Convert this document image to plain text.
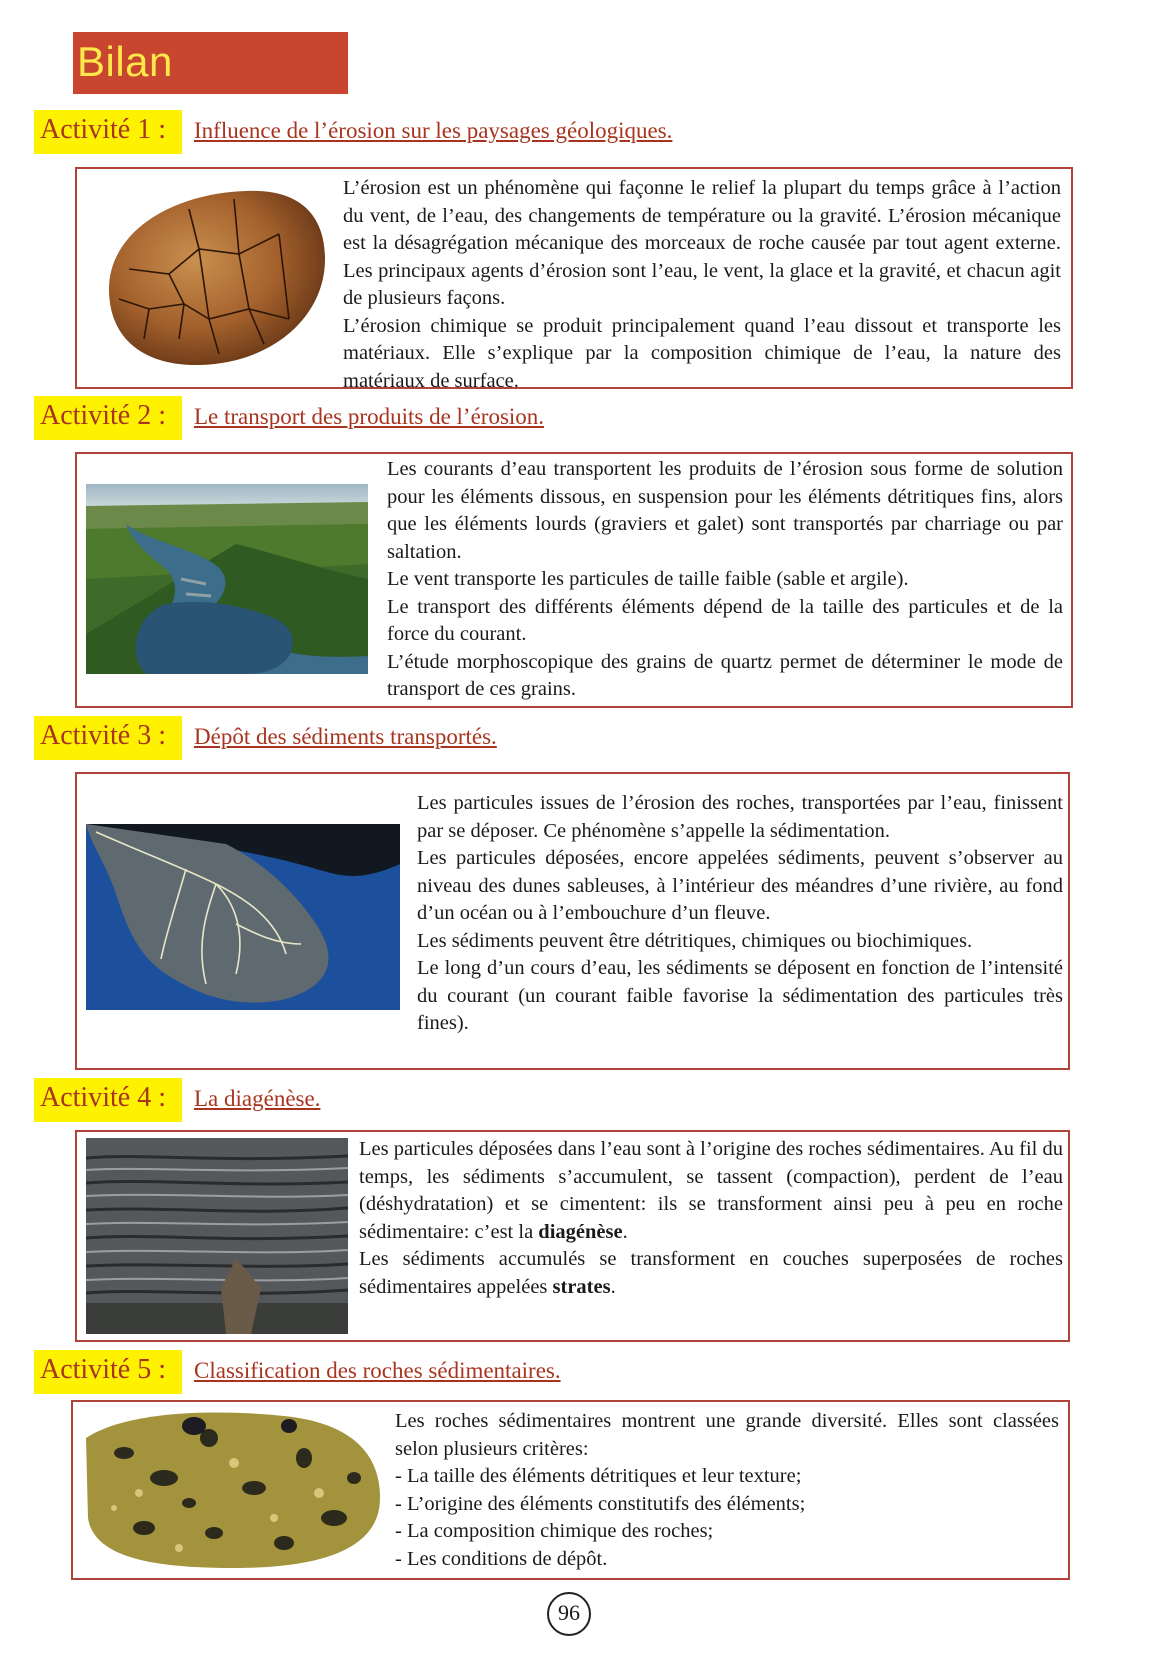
Bilan
Activité 1 :	Influence de l’érosion sur les paysages géologiques.

L’érosion est un phénomène qui façonne le relief la plupart du temps grâce à l’action du vent, de l’eau, des changements de température ou la gravité. L’érosion mécanique est la désagrégation mécanique des morceaux de roche causée par tout agent externe. Les principaux agents d’érosion sont l’eau, le vent, la glace et la gravité, et chacun agit de plusieurs façons.

L’érosion chimique se produit principalement quand l’eau dissout et transporte les matériaux. Elle s’explique par la composition chimique de l’eau, la nature des matériaux de surface.

Activité 2 :	Le transport des produits de l’érosion.

Les courants d’eau transportent les produits de l’érosion sous forme de solution pour les éléments dissous, en suspension pour les éléments détritiques fins, alors que les éléments lourds (graviers et galet) sont transportés par charriage ou par saltation.

Le vent transporte les particules de taille faible (sable et argile).

Le transport des différents éléments dépend de la taille des particules et de la force du courant.

L’étude morphoscopique des grains de quartz permet de déterminer le mode de transport de ces grains.

Activité 3 :	Dépôt des sédiments transportés.

Les particules issues de l’érosion des roches, transportées par l’eau, finissent par se déposer. Ce phénomène s’appelle la sédimentation.

Les particules déposées, encore appelées sédiments, peuvent s’observer au niveau des dunes sableuses, à l’intérieur des méandres d’une rivière, au fond d’un océan ou à l’embouchure d’un fleuve.

Les sédiments peuvent être détritiques, chimiques ou biochimiques.

Le long d’un cours d’eau, les sédiments se déposent en fonction de l’intensité du courant (un courant faible favorise la sédimentation des particules très fines).

Activité 4 :	La diagénèse.

Les particules déposées dans l’eau sont à l’origine des roches sédimentaires. Au fil du temps, les sédiments s’accumulent, se tassent (compaction), perdent de l’eau (déshydratation) et se cimentent: ils se transforment ainsi peu à peu en roche sédimentaire: c’est la diagénèse.

Les sédiments accumulés se transforment en couches superposées de roches sédimentaires appelées strates.

Activité 5 :	Classification des roches sédimentaires.

Les roches sédimentaires montrent une grande diversité. Elles sont classées selon plusieurs critères:

- La taille des éléments détritiques et leur texture;

- L’origine des éléments constitutifs des éléments;

- La composition chimique des roches;

- Les conditions de dépôt.

96
